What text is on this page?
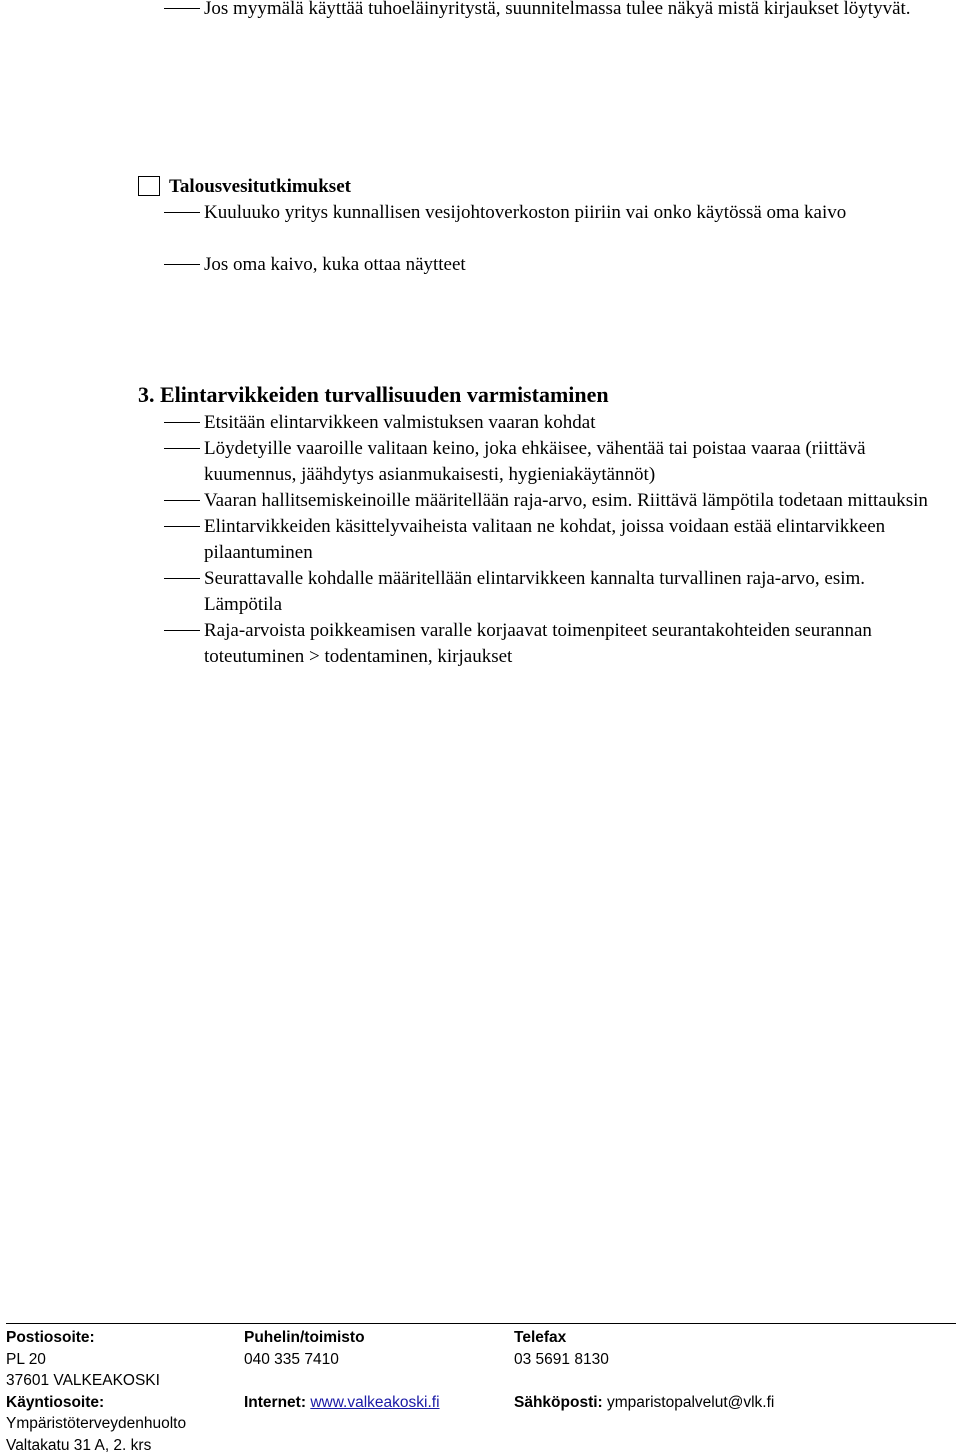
Jos myymälä käyttää tuhoeläinyritystä, suunnitelmassa tulee näkyä mistä kirjaukset löytyvät.
Talousvesitutkimukset
Kuuluuko yritys kunnallisen vesijohtoverkoston piiriin vai onko käytössä oma kaivo
Jos oma kaivo, kuka ottaa näytteet
3. Elintarvikkeiden turvallisuuden varmistaminen
Etsitään elintarvikkeen valmistuksen vaaran kohdat
Löydetyille vaaroille valitaan keino, joka ehkäisee, vähentää tai poistaa vaaraa (riittävä kuumennus, jäähdytys asianmukaisesti, hygieniakäytännöt)
Vaaran hallitsemiskeinoille määritellään raja-arvo, esim. Riittävä lämpötila todetaan mittauksin
Elintarvikkeiden käsittelyvaiheista valitaan ne kohdat, joissa voidaan estää elintarvikkeen pilaantuminen
Seurattavalle kohdalle määritellään elintarvikkeen kannalta turvallinen raja-arvo, esim. Lämpötila
Raja-arvoista poikkeamisen varalle korjaavat toimenpiteet seurantakohteiden seurannan toteutuminen > todentaminen, kirjaukset
Postiosoite:	Puhelin/toimisto	Telefax
PL 20	040 335 7410	03 5691 8130
37601 VALKEAKOSKI
Käyntiosoite:	Internet: www.valkeakoski.fi	Sähköposti: ymparistopalvelut@vlk.fi
Ympäristöterveydenhuolto
Valtakatu 31 A, 2. krs
